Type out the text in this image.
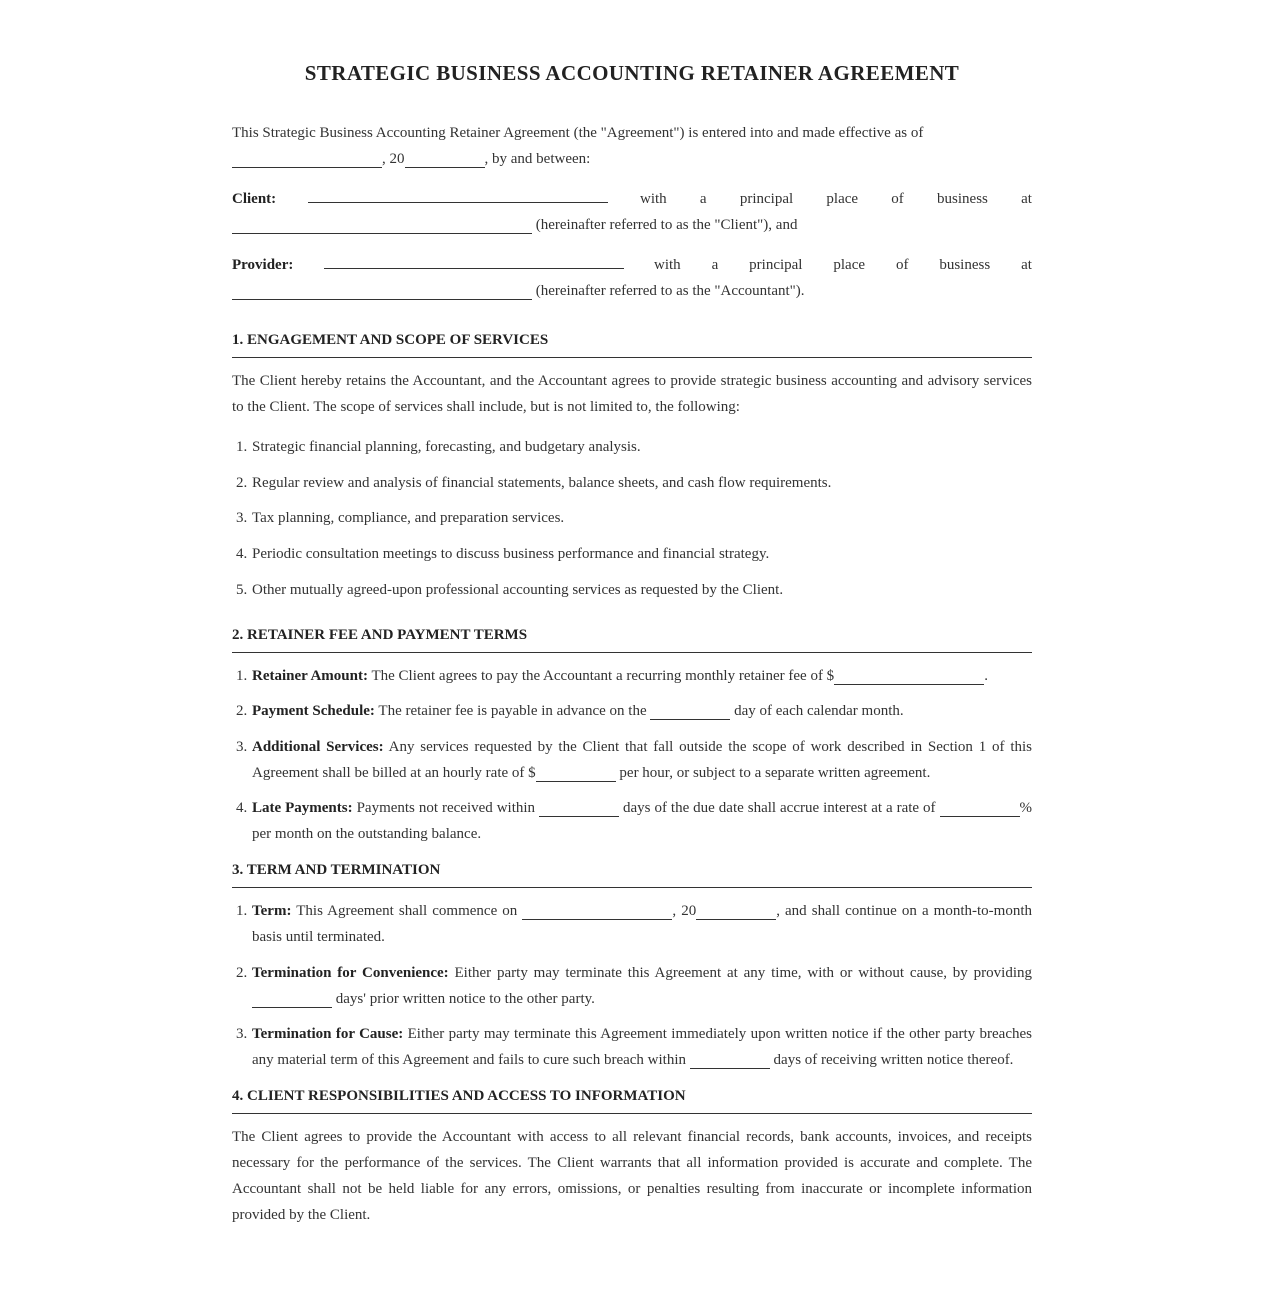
STRATEGIC BUSINESS ACCOUNTING RETAINER AGREEMENT

This Strategic Business Accounting Retainer Agreement (the "Agreement") is entered into and made effective as of
, 20	, by and between:

Client:	with a principal place of business at
(hereinafter referred to as the "Client"), and
Provider:	with a principal place of business at
(hereinafter referred to as the "Accountant").
1. ENGAGEMENT AND SCOPE OF SERVICES

The Client hereby retains the Accountant, and the Accountant agrees to provide strategic business accounting and advisory services to the Client. The scope of services shall include, but is not limited to, the following:

1. Strategic financial planning, forecasting, and budgetary analysis.
2. Regular review and analysis of financial statements, balance sheets, and cash flow requirements.
3. Tax planning, compliance, and preparation services.
4. Periodic consultation meetings to discuss business performance and financial strategy.
5. Other mutually agreed-upon professional accounting services as requested by the Client.
2. RETAINER FEE AND PAYMENT TERMS
1. Retainer Amount: The Client agrees to pay the Accountant a recurring monthly retainer fee of $	.
2. Payment Schedule: The retainer fee is payable in advance on the	day of each calendar month.
3. Additional Services: Any services requested by the Client that fall outside the scope of work described in Section 1 of this Agreement shall be billed at an hourly rate of $	per hour, or subject to a separate written agreement.
4. Late Payments: Payments not received within	days of the due date shall accrue interest at a rate of	% per month on the outstanding balance.
3. TERM AND TERMINATION
1. Term: This Agreement shall commence on	, 20	, and shall continue on a month-to-month basis until terminated.
2. Termination for Convenience: Either party may terminate this Agreement at any time, with or without cause, by providing  days' prior written notice to the other party.
3. Termination for Cause: Either party may terminate this Agreement immediately upon written notice if the other party breaches any material term of this Agreement and fails to cure such breach within	days of receiving written notice thereof.
4. CLIENT RESPONSIBILITIES AND ACCESS TO INFORMATION

The Client agrees to provide the Accountant with access to all relevant financial records, bank accounts, invoices, and receipts necessary for the performance of the services. The Client warrants that all information provided is accurate and complete. The Accountant shall not be held liable for any errors, omissions, or penalties resulting from inaccurate or incomplete information provided by the Client.
